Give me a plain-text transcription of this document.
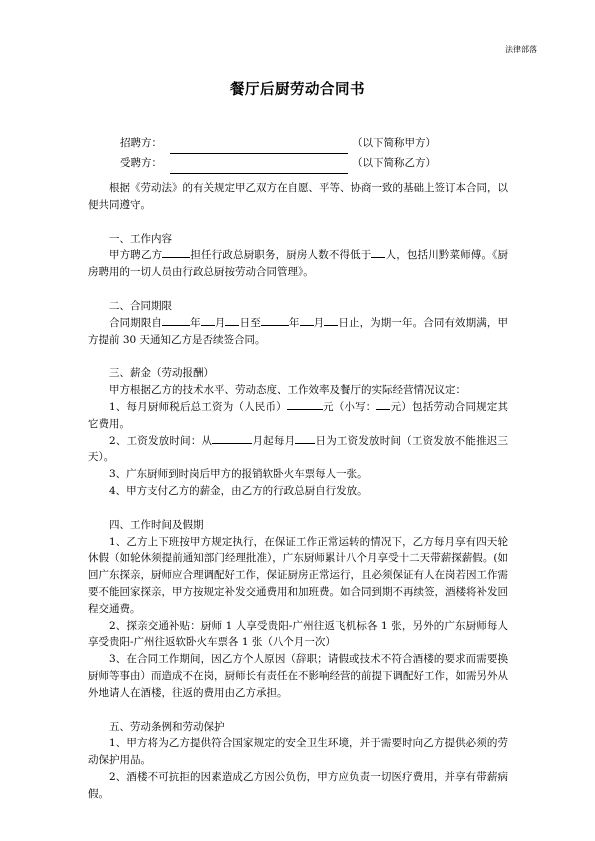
法律部落
餐厅后厨劳动合同书
招聘方：	（以下简称甲方）
受聘方：	（以下简称乙方）

根据《劳动法》的有关规定甲乙双方在自愿、平等、协商一致的基础上签订本合同，以便共同遵守。

一、工作内容

甲方聘乙方	担任行政总厨职务，厨房人数不得低于 人，包括川黔菜师傅。《厨房聘用的一切人员由行政总厨按劳动合同管理》。

二、合同期限

合同期限自	年 月 日至	年 月 日止，为期一年。合同有效期满，甲方提前 30 天通知乙方是否续签合同。

三、薪金（劳动报酬）

甲方根据乙方的技术水平、劳动态度、工作效率及餐厅的实际经营情况议定：

1、每月厨师税后总工资为（人民币）	元（小写： 元）包括劳动合同规定其它费用。

2、工资发放时间：从	月起每月 日为工资发放时间（工资发放不能推迟三天）。

3、广东厨师到时岗后甲方的报销软卧火车票每人一张。

4、甲方支付乙方的薪金，由乙方的行政总厨自行发放。

四、工作时间及假期

1、乙方上下班按甲方规定执行，在保证工作正常运转的情况下，乙方每月享有四天轮休假（如轮休须提前通知部门经理批准），广东厨师累计八个月享受十二天带薪探薪假。(如回广东探亲，厨师应合理调配好工作，保证厨房正常运行，且必须保证有人在岗若因工作需要不能回家探亲，甲方按规定补发交通费用和加班费。如合同到期不再续签，酒楼将补发回程交通费。

2、探亲交通补贴：厨师 1 人享受贵阳-广州往返飞机标各 1 张，另外的广东厨师每人享受贵阳-广州往返软卧火车票各 1 张（八个月一次）

3、在合同工作期间，因乙方个人原因（辞职；请假或技术不符合酒楼的要求而需要换厨师等事由）而造成不在岗，厨师长有责任在不影响经营的前提下调配好工作，如需另外从外地请人在酒楼，往返的费用由乙方承担。

五、劳动条例和劳动保护

1、甲方将为乙方提供符合国家规定的安全卫生环境，并于需要时向乙方提供必须的劳动保护用品。

2、酒楼不可抗拒的因素造成乙方因公负伤，甲方应负责一切医疗费用，并享有带薪病假。
